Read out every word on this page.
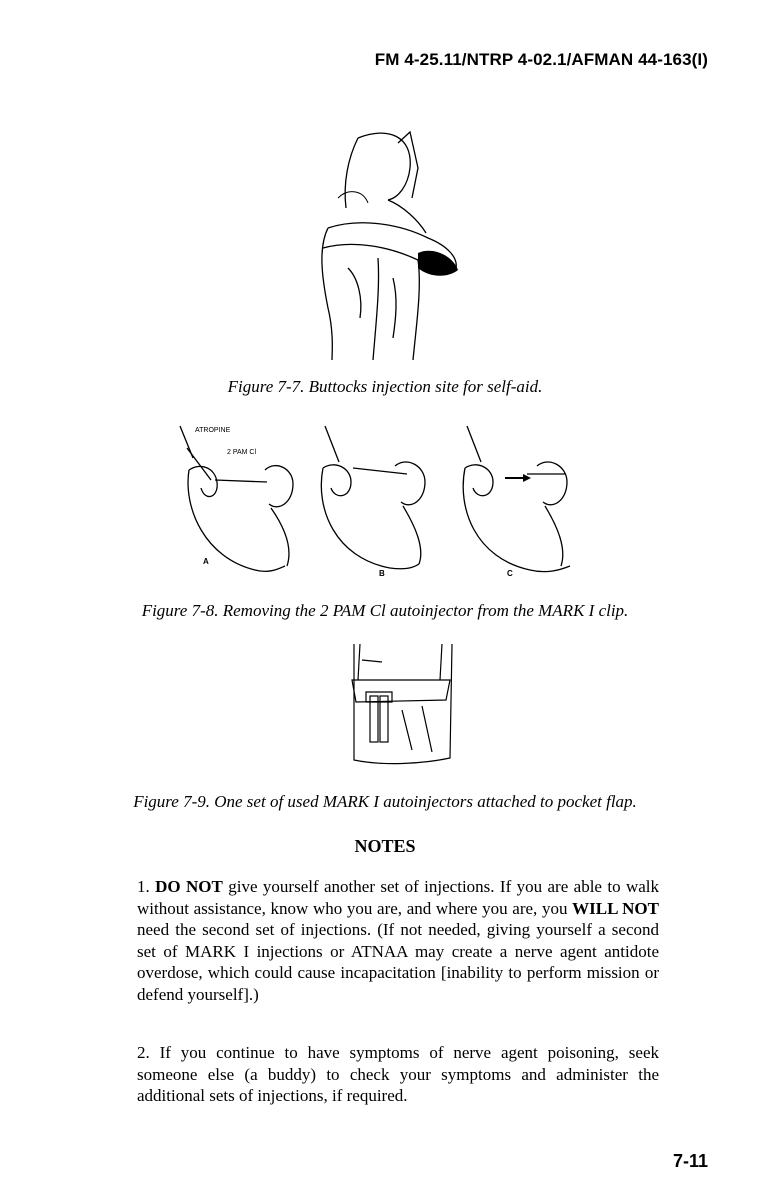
FM 4-25.11/NTRP 4-02.1/AFMAN 44-163(I)
Figure 7-7. Buttocks injection site for self-aid.
ATROPINE
2 PAM Cl
A
B	C
Figure 7-8. Removing the 2 PAM Cl autoinjector from the MARK I clip.
Figure 7-9. One set of used MARK I autoinjectors attached to pocket flap.
NOTES
1. DO NOT give yourself another set of injections. If you are able to walk without assistance, know who you are, and where you are, you WILL NOT need the second set of injections. (If not needed, giving yourself a second set of MARK I injections or ATNAA may create a nerve agent antidote overdose, which could cause incapacitation [inability to perform mission or defend yourself].)
2. If you continue to have symptoms of nerve agent poisoning, seek someone else (a buddy) to check your symptoms and administer the additional sets of injections, if required.
7-11
